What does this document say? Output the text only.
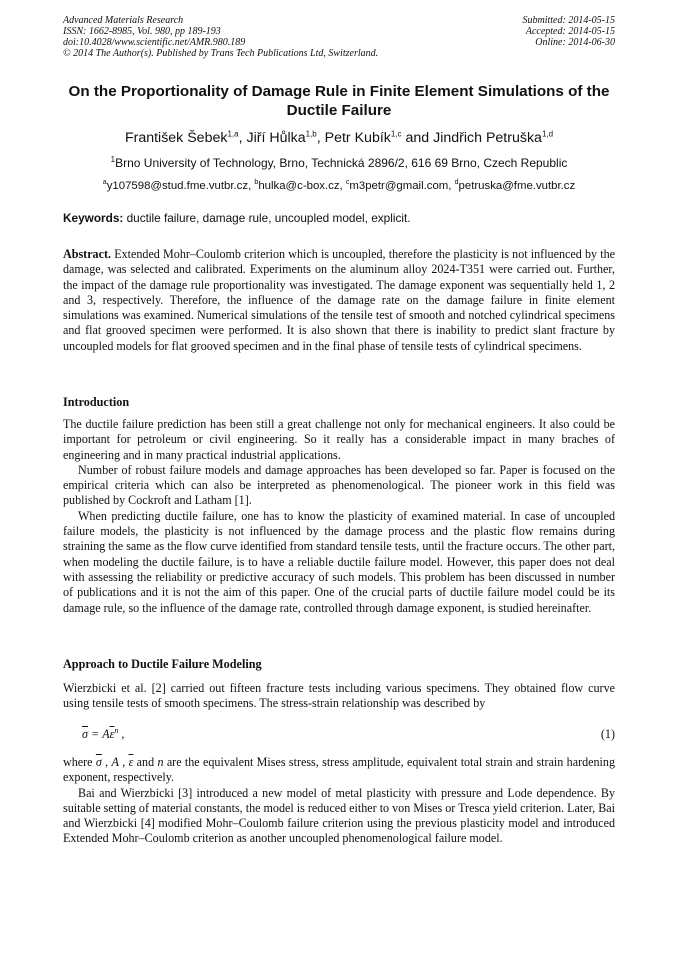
Advanced Materials Research
ISSN: 1662-8985, Vol. 980, pp 189-193
doi:10.4028/www.scientific.net/AMR.980.189
© 2014 The Author(s). Published by Trans Tech Publications Ltd, Switzerland.
Submitted: 2014-05-15
Accepted: 2014-05-15
Online: 2014-06-30
On the Proportionality of Damage Rule in Finite Element Simulations of the Ductile Failure
František Šebek$^{1,a}$, Jiří Hůlka$^{1,b}$, Petr Kubík$^{1,c}$ and Jindřich Petruška$^{1,d}$
$^1$Brno University of Technology, Brno, Technická 2896/2, 616 69 Brno, Czech Republic
$^a$y107598@stud.fme.vutbr.cz, $^b$hulka@c-box.cz, $^c$m3petr@gmail.com, $^d$petruska@fme.vutbr.cz
Keywords: ductile failure, damage rule, uncoupled model, explicit.
Abstract. Extended Mohr–Coulomb criterion which is uncoupled, therefore the plasticity is not influenced by the damage, was selected and calibrated. Experiments on the aluminum alloy 2024-T351 were carried out. Further, the impact of the damage rule proportionality was investigated. The damage exponent was sequentially held 1, 2 and 3, respectively. Therefore, the influence of the damage rate on the damage failure in finite element simulations was examined. Numerical simulations of the tensile test of smooth and notched cylindrical specimens and flat grooved specimen were performed. It is also shown that there is inability to predict slant fracture by uncoupled models for flat grooved specimen and in the final phase of tensile tests of cylindrical specimens.
Introduction

The ductile failure prediction has been still a great challenge not only for mechanical engineers. It also could be important for petroleum or civil engineering. So it really has a considerable impact in many braches of engineering and in many practical industrial applications.

Number of robust failure models and damage approaches has been developed so far. Paper is focused on the empirical criteria which can also be interpreted as phenomenological. The pioneer work in this field was published by Cockroft and Latham [1].

When predicting ductile failure, one has to know the plasticity of examined material. In case of uncoupled failure models, the plasticity is not influenced by the damage process and the plastic flow remains during straining the same as the flow curve identified from standard tensile tests, until the fracture occurs. The other part, when modeling the ductile failure, is to have a reliable ductile failure model. However, this paper does not deal with assessing the reliability or predictive accuracy of such models. This problem has been discussed in number of publications and it is not the aim of this paper. One of the crucial parts of ductile failure model could be its damage rule, so the influence of the damage rate, controlled through damage exponent, is studied hereinafter.

Approach to Ductile Failure Modeling
Wierzbicki et al. [2] carried out fifteen fracture tests including various specimens. They obtained flow curve using tensile tests of smooth specimens. The stress-strain relationship was described by
$\overline{\sigma} = A\overline{\varepsilon}^n$ ,	(1)

where $\overline{\sigma}$ , A , $\overline{\varepsilon}$ and n are the equivalent Mises stress, stress amplitude, equivalent total strain and strain hardening exponent, respectively.

Bai and Wierzbicki [3] introduced a new model of metal plasticity with pressure and Lode dependence. By suitable setting of material constants, the model is reduced either to von Mises or Tresca yield criterion. Later, Bai and Wierzbicki [4] modified Mohr–Coulomb failure criterion using the previous plasticity model and introduced Extended Mohr–Coulomb criterion as another uncoupled phenomenological failure model.
